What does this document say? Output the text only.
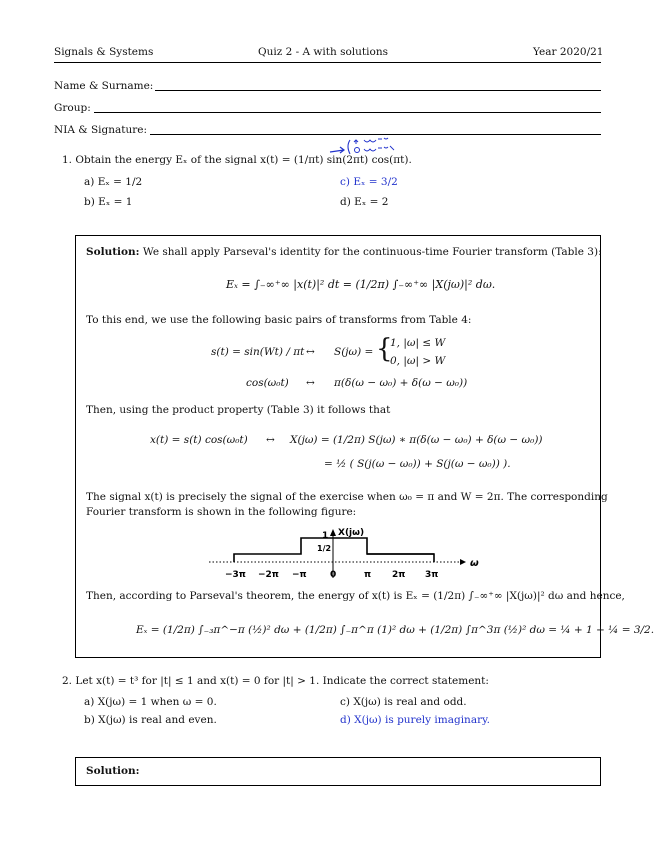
Signals & Systems	Quiz 2 - A with solutions	Year 2020/21
Name & Surname:
Group:
NIA & Signature:
1. Obtain the energy Eₓ of the signal x(t) = (1/πt) sin(2πt) cos(πt).
a) Eₓ = 1/2	c) Eₓ = 3/2
b) Eₓ = 1	d) Eₓ = 2
Solution: We shall apply Parseval's identity for the continuous-time Fourier transform (Table 3):
Eₓ = ∫₋∞⁺∞ |x(t)|² dt = (1/2π) ∫₋∞⁺∞ |X(jω)|² dω.
To this end, we use the following basic pairs of transforms from Table 4:
s(t) = sin(Wt) / πt ↔ S(jω) = {
1, |ω| ≤ W
0, |ω| > W
cos(ω₀t) ↔ π(δ(ω − ω₀) + δ(ω − ω₀))
Then, using the product property (Table 3) it follows that
x(t) = s(t) cos(ω₀t) ↔ X(jω) = (1/2π) S(jω) ∗ π(δ(ω − ω₀) + δ(ω − ω₀))
= ½ ( S(j(ω − ω₀)) + S(j(ω − ω₀)) ).
The signal x(t) is precisely the signal of the exercise when ω₀ = π and W = 2π. The corresponding
Fourier transform is shown in the following figure:
X(jω)
1
1/2
ω
−3π −2π −π	0	π 2π 3π
Then, according to Parseval's theorem, the energy of x(t) is Eₓ = (1/2π) ∫₋∞⁺∞ |X(jω)|² dω and hence,
Eₓ = (1/2π) ∫₋₃π^−π (½)² dω + (1/2π) ∫₋π^π (1)² dω + (1/2π) ∫π^3π (½)² dω = ¼ + 1 + ¼ = 3/2.
2. Let x(t) = t³ for |t| ≤ 1 and x(t) = 0 for |t| > 1. Indicate the correct statement:
a) X(jω) = 1 when ω = 0.	c) X(jω) is real and odd.
b) X(jω) is real and even.	d) X(jω) is purely imaginary.
Solution:
